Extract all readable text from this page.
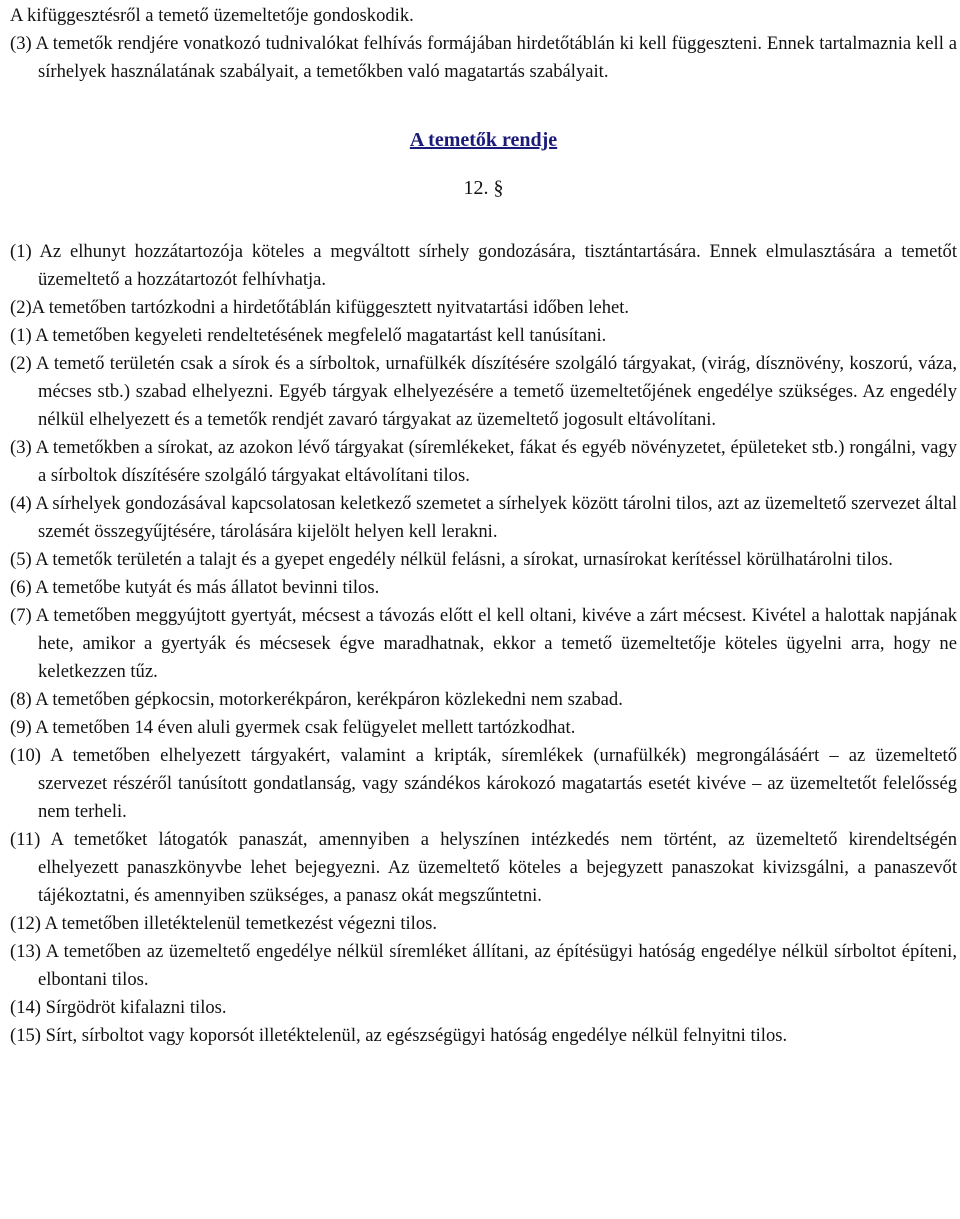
A kifüggesztésről a temető üzemeltetője gondoskodik.

(3) A temetők rendjére vonatkozó tudnivalókat felhívás formájában hirdetőtáblán ki kell függeszteni. Ennek tartalmaznia kell a sírhelyek használatának szabályait, a temetőkben való magatartás szabályait.

A temetők rendje

12. §

(1) Az elhunyt hozzátartozója köteles a megváltott sírhely gondozására, tisztántartására. Ennek elmulasztására a temetőt üzemeltető a hozzátartozót felhívhatja.

(2)A temetőben tartózkodni a hirdetőtáblán kifüggesztett nyitvatartási időben lehet.

(1) A temetőben kegyeleti rendeltetésének megfelelő magatartást kell tanúsítani.

(2) A temető területén csak a sírok és a sírboltok, urnafülkék díszítésére szolgáló tárgyakat, (virág, dísznövény, koszorú, váza, mécses stb.) szabad elhelyezni. Egyéb tárgyak elhelyezésére a temető üzemeltetőjének engedélye szükséges. Az engedély nélkül elhelyezett és a temetők rendjét zavaró tárgyakat az üzemeltető jogosult eltávolítani.

(3) A temetőkben a sírokat, az azokon lévő tárgyakat (síremlékeket, fákat és egyéb növényzetet, épületeket stb.) rongálni, vagy a sírboltok díszítésére szolgáló tárgyakat eltávolítani tilos.

(4) A sírhelyek gondozásával kapcsolatosan keletkező szemetet a sírhelyek között tárolni tilos, azt az üzemeltető szervezet által szemét összegyűjtésére, tárolására kijelölt helyen kell lerakni.

(5) A temetők területén a talajt és a gyepet engedély nélkül felásni, a sírokat, urnasírokat kerítéssel körülhatárolni tilos.

(6) A temetőbe kutyát és más állatot bevinni tilos.

(7) A temetőben meggyújtott gyertyát, mécsest a távozás előtt el kell oltani, kivéve a zárt mécsest. Kivétel a halottak napjának hete, amikor a gyertyák és mécsesek égve maradhatnak, ekkor a temető üzemeltetője köteles ügyelni arra, hogy ne keletkezzen tűz.

(8) A temetőben gépkocsin, motorkerékpáron, kerékpáron közlekedni nem szabad.

(9) A temetőben 14 éven aluli gyermek csak felügyelet mellett tartózkodhat.

(10) A temetőben elhelyezett tárgyakért, valamint a kripták, síremlékek (urnafülkék) megrongálásáért – az üzemeltető szervezet részéről tanúsított gondatlanság, vagy szándékos károkozó magatartás esetét kivéve – az üzemeltetőt felelősség nem terheli.

(11) A temetőket látogatók panaszát, amennyiben a helyszínen intézkedés nem történt, az üzemeltető kirendeltségén elhelyezett panaszkönyvbe lehet bejegyezni. Az üzemeltető köteles a bejegyzett panaszokat kivizsgálni, a panaszevőt tájékoztatni, és amennyiben szükséges, a panasz okát megszűntetni.

(12) A temetőben illetéktelenül temetkezést végezni tilos.

(13) A temetőben az üzemeltető engedélye nélkül síremléket állítani, az építésügyi hatóság engedélye nélkül sírboltot építeni, elbontani tilos.

(14) Sírgödröt kifalazni tilos.

(15) Sírt, sírboltot vagy koporsót illetéktelenül, az egészségügyi hatóság engedélye nélkül felnyitni tilos.
